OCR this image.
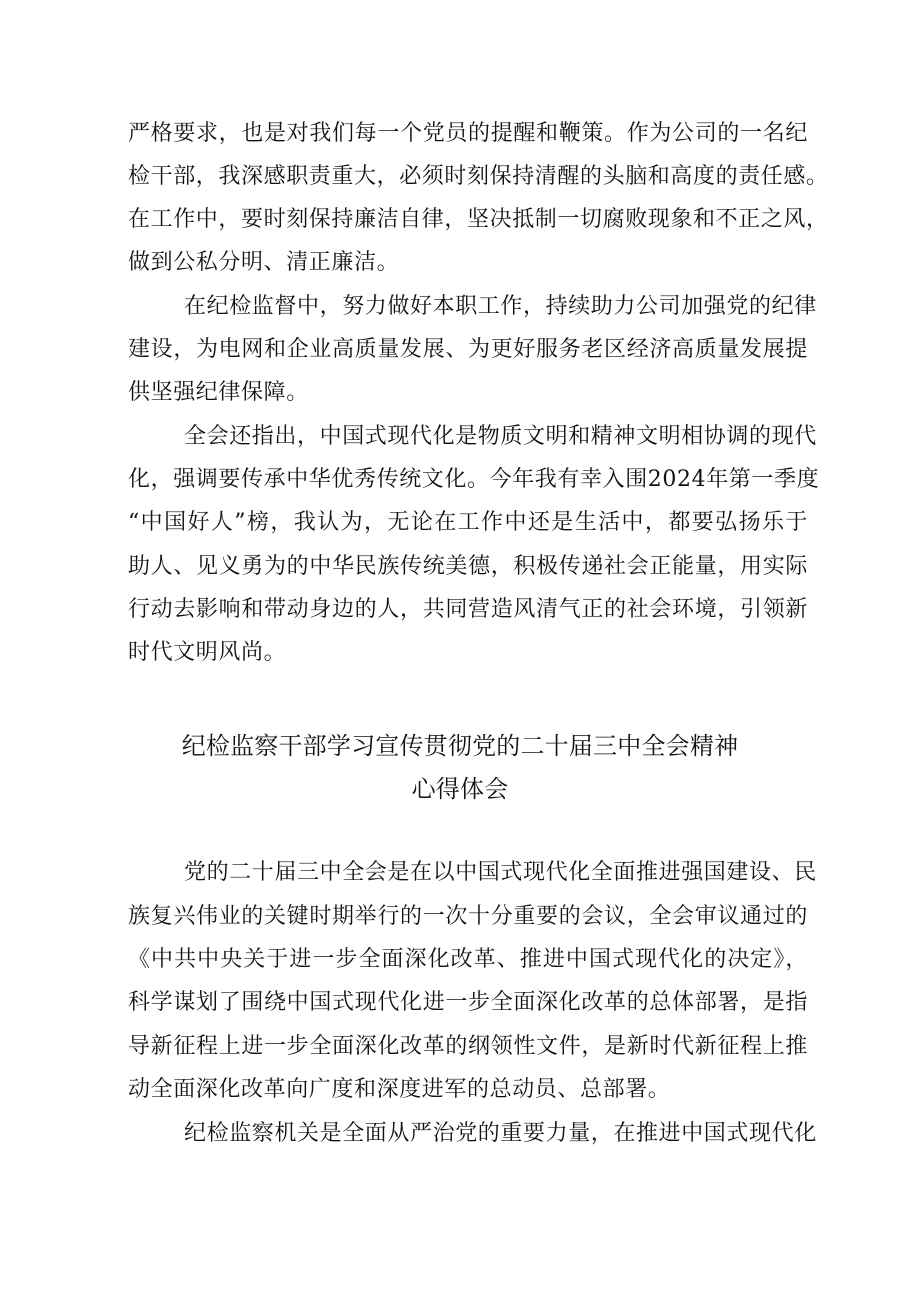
严格要求，也是对我们每一个党员的提醒和鞭策。作为公司的一名纪
检干部，我深感职责重大，必须时刻保持清醒的头脑和高度的责任感。
在工作中，要时刻保持廉洁自律，坚决抵制一切腐败现象和不正之风，
做到公私分明、清正廉洁。
在纪检监督中，努力做好本职工作，持续助力公司加强党的纪律
建设，为电网和企业高质量发展、为更好服务老区经济高质量发展提
供坚强纪律保障。
全会还指出，中国式现代化是物质文明和精神文明相协调的现代
化，强调要传承中华优秀传统文化。今年我有幸入围2024年第一季度
“中国好人”榜，我认为，无论在工作中还是生活中，都要弘扬乐于
助人、见义勇为的中华民族传统美德，积极传递社会正能量，用实际
行动去影响和带动身边的人，共同营造风清气正的社会环境，引领新
时代文明风尚。
纪检监察干部学习宣传贯彻党的二十届三中全会精神
心得体会
党的二十届三中全会是在以中国式现代化全面推进强国建设、民
族复兴伟业的关键时期举行的一次十分重要的会议，全会审议通过的
《中共中央关于进一步全面深化改革、推进中国式现代化的决定》，
科学谋划了围绕中国式现代化进一步全面深化改革的总体部署，是指
导新征程上进一步全面深化改革的纲领性文件，是新时代新征程上推
动全面深化改革向广度和深度进军的总动员、总部署。
纪检监察机关是全面从严治党的重要力量，在推进中国式现代化
